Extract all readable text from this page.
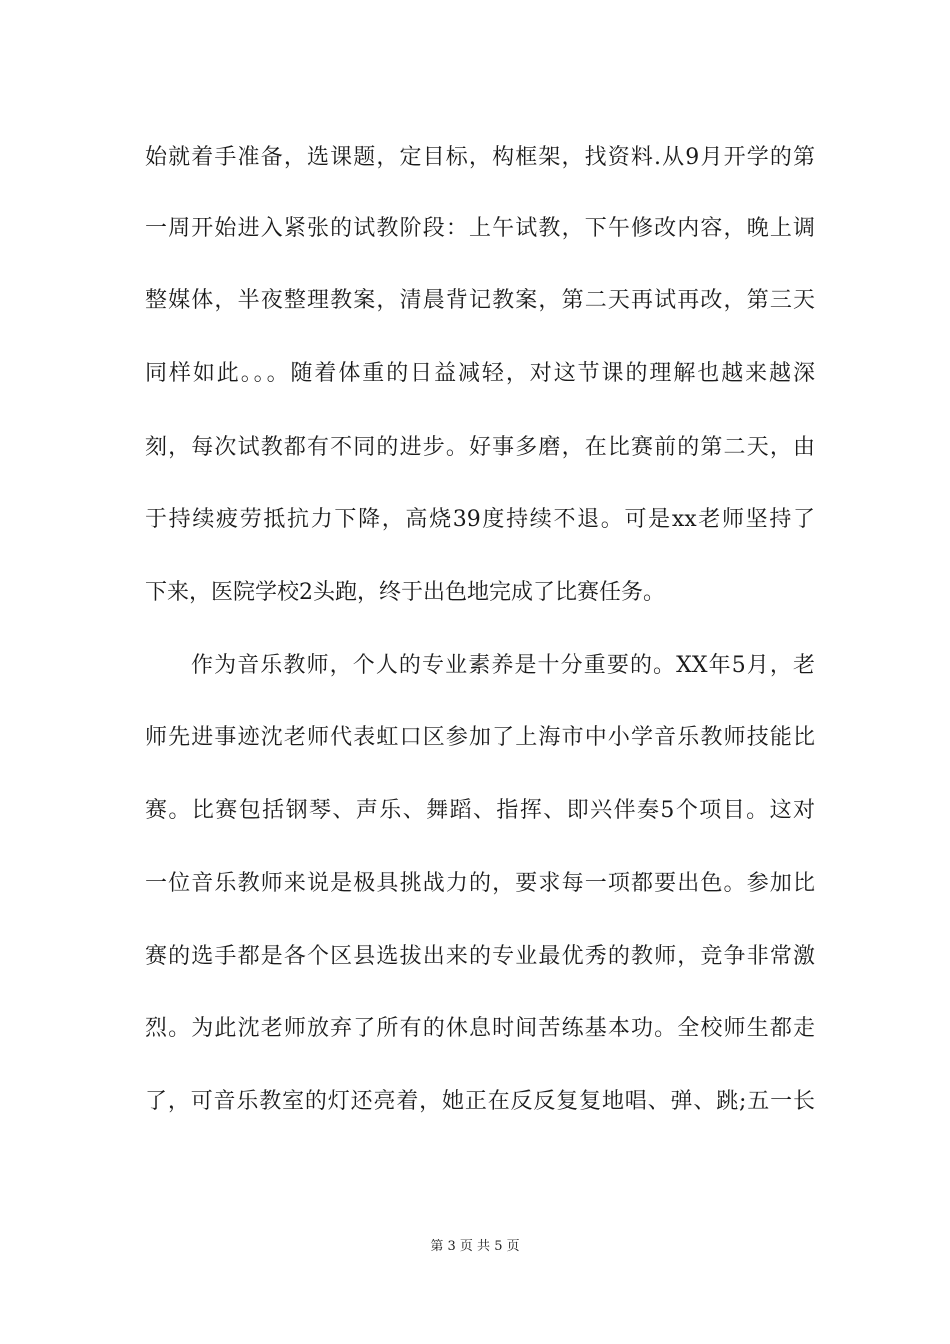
始就着手准备，选课题，定目标，构框架，找资料.从9月开学的第
一周开始进入紧张的试教阶段：上午试教，下午修改内容，晚上调
整媒体，半夜整理教案，清晨背记教案，第二天再试再改，第三天
同样如此。。。随着体重的日益减轻，对这节课的理解也越来越深
刻，每次试教都有不同的进步。好事多磨，在比赛前的第二天，由
于持续疲劳抵抗力下降，高烧39度持续不退。可是xx老师坚持了
下来，医院学校2头跑，终于出色地完成了比赛任务。
作为音乐教师，个人的专业素养是十分重要的。XX年5月，老
师先进事迹沈老师代表虹口区参加了上海市中小学音乐教师技能比
赛。比赛包括钢琴、声乐、舞蹈、指挥、即兴伴奏5个项目。这对
一位音乐教师来说是极具挑战力的，要求每一项都要出色。参加比
赛的选手都是各个区县选拔出来的专业最优秀的教师，竞争非常激
烈。为此沈老师放弃了所有的休息时间苦练基本功。全校师生都走
了，可音乐教室的灯还亮着，她正在反反复复地唱、弹、跳;五一长
第 3 页 共 5 页
